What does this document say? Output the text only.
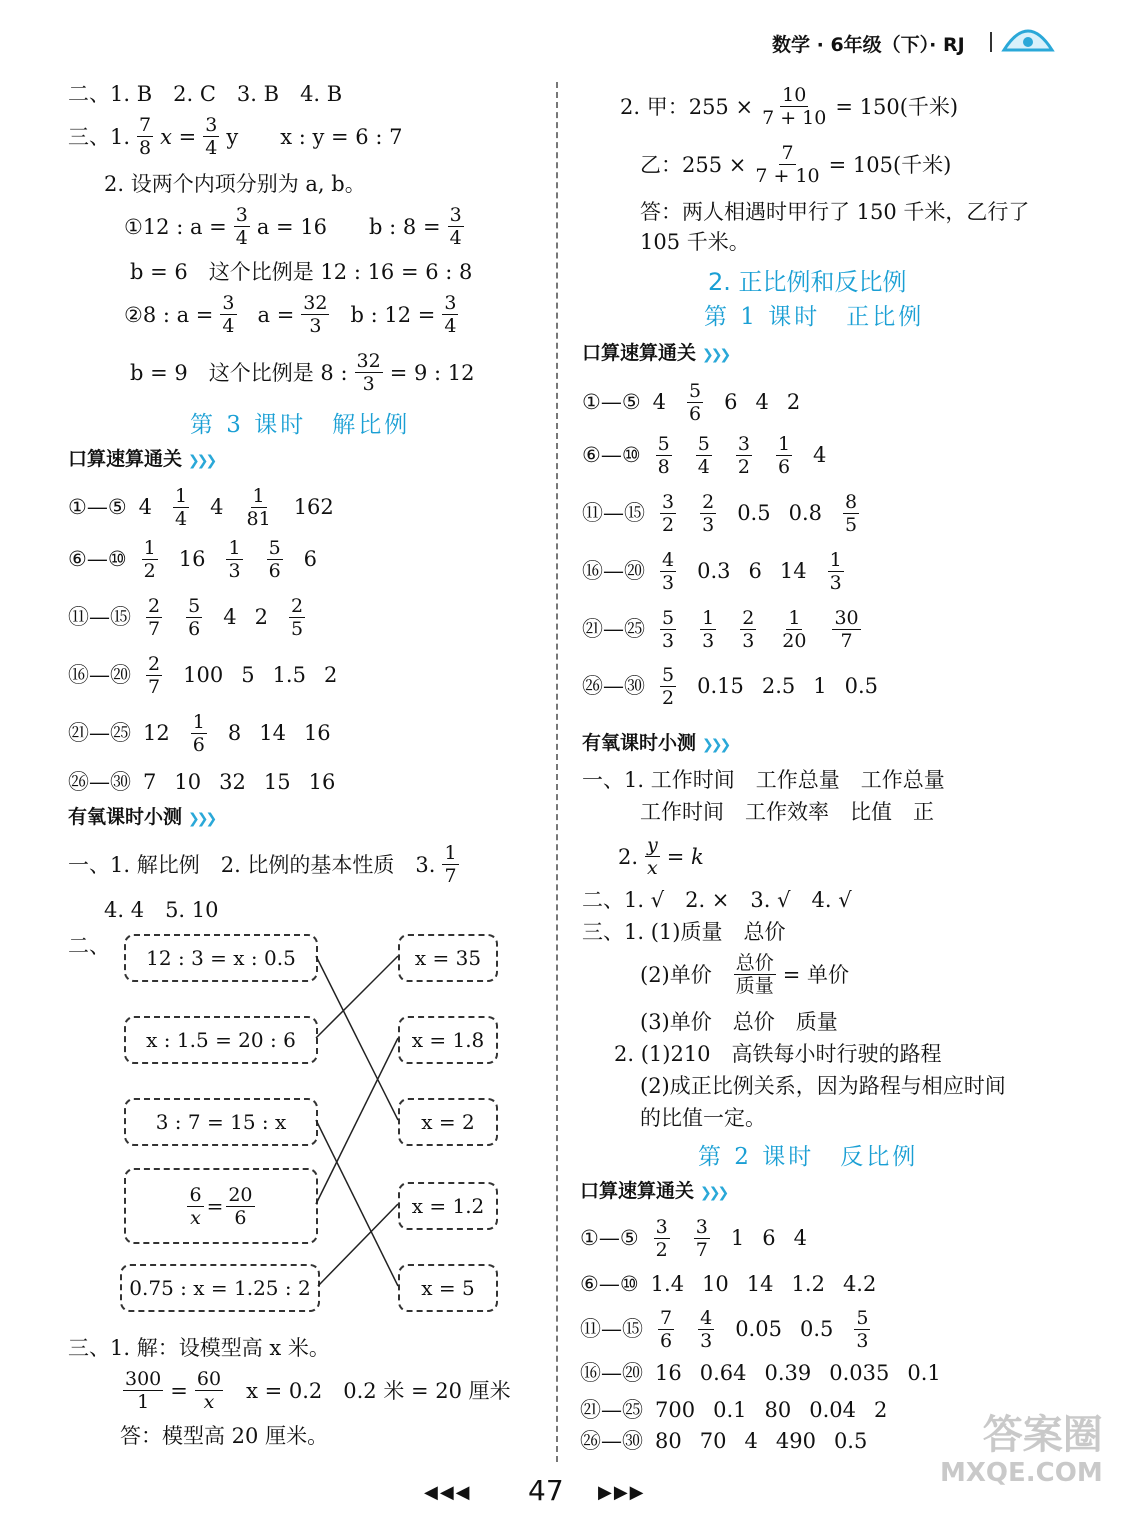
数学 · 6年级（下）· RJ
二、1. B　2. C　3. B　4. B
三、1. $\frac{7}{8}$ $x = \frac{3}{4}$ y　　x : y = 6 : 7
2. 设两个内项分别为 a, b。
①12 : $a = \frac{3}{4}$ a = 16　　b : $8 = \frac{3}{4}$
b = 6　这个比例是 12 : 16 = 6 : 8
②8 : $a = \frac{3}{4}$ $a = \frac{32}{3}$ b : $12 = \frac{3}{4}$
b = 9　这个比例是 8 : $\frac{32}{3} = 9$ : 12
第 3 课时　解比例
口算速算通关 ❯❯❯
①—⑤ $4 \frac{1}{4} 4 \frac{1}{81} 162$
⑥—⑩ $\frac{1}{2} 16 \frac{1}{3} \frac{5}{6} 6$
⑪—⑮ $\frac{2}{7} \frac{5}{6} 4$ $2 \frac{2}{5}$
⑯—⑳ $\frac{2}{7} 100$ 5 1.5 2
㉑—㉕ $12 \frac{1}{6} 8$ 14 16
㉖—㉚ 7 10 32 15 16
有氧课时小测 ❯❯❯
一、1. 解比例　2. 比例的基本性质　3. $\frac{1}{7}$
4. 4　5. 10
二、 12 : 3 = x : 0.5
x : 1.5 = 20 : 6
3 : 7 = 15 : x
$\frac{6}{x} = \frac{20}{6}$
0.75 : x = 1.25 : 2
x = 35
x = 1.8
x = 2
x = 1.2
x = 5
三、1. 解：设模型高 x 米。
$\frac{300}{1} = \frac{60}{x}$ x = 0.2　0.2 米 = 20 厘米
答：模型高 20 厘米。
2. 甲：$255 \times \frac{10}{7 + 10} = 150$(千米)
乙：$255 \times \frac{7}{7 + 10} = 105$(千米)
答：两人相遇时甲行了 150 千米，乙行了
105 千米。
2. 正比例和反比例
第 1 课时　正比例
口算速算通关 ❯❯❯
①—⑤ $4 \frac{5}{6} 6$ 4 2
⑥—⑩ $\frac{5}{8} \frac{5}{4} \frac{3}{2} \frac{1}{6} 4$
⑪—⑮ $\frac{3}{2} \frac{2}{3} 0.5$ $0.8 \frac{8}{5}$
⑯—⑳ $\frac{4}{3} 0.3$ 6 $14 \frac{1}{3}$
㉑—㉕ $\frac{5}{3} \frac{1}{3} \frac{2}{3} \frac{1}{20} \frac{30}{7}$
㉖—㉚ $\frac{5}{2} 0.15$ 2.5 1 0.5
有氧课时小测 ❯❯❯
一、1. 工作时间　工作总量　工作总量
工作时间　工作效率　比值　正
2. $\frac{y}{x} = k$
二、1. √　2. ×　3. √　4. √
三、1. (1)质量　总价
(2)单价 $\frac{\text{总价}}{\text{质量}}$ = 单价
(3)单价　总价　质量
2. (1)210　高铁每小时行驶的路程
(2)成正比例关系，因为路程与相应时间
的比值一定。
第 2 课时　反比例
口算速算通关 ❯❯❯
①—⑤ $\frac{3}{2} \frac{3}{7} 1$ 6 4
⑥—⑩ 1.4 10 14 1.2 4.2
⑪—⑮ $\frac{7}{6} \frac{4}{3} 0.05$ $0.5 \frac{5}{3}$
⑯—⑳ 16 0.64 0.39 0.035 0.1
㉑—㉕ 700 0.1 80 0.04 2
㉖—㉚ 80 70 4 490 0.5
◀◀◀ 47 ▶▶▶
答案圈
MXQE.COM
